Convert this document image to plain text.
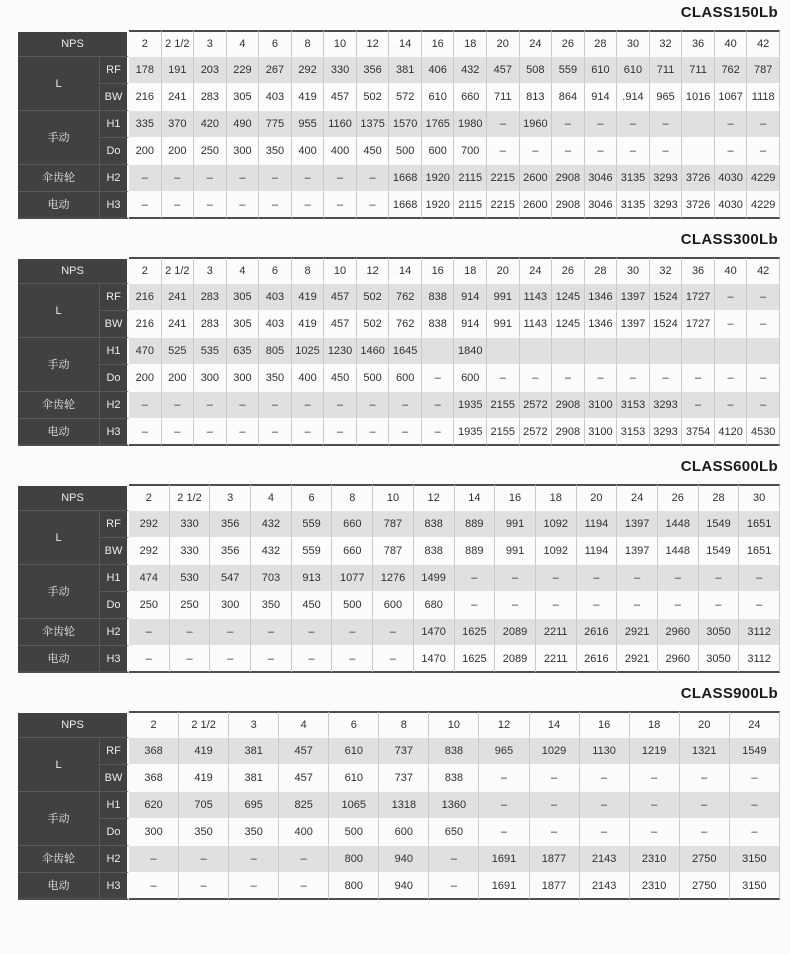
CLASS150Lb
NPS		2	2 1/2	3	4	6	8	10	12	14	16	18	20	24	26	28	30	32	36	40	42
L	RF	178	191	203	229	267	292	330	356	381	406	432	457	508	559	610	610	711	711	762	787
	BW	216	241	283	305	403	419	457	502	572	610	660	711	813	864	914	.914	965	1016	1067	1118
手动	H1	335	370	420	490	775	955	1160	1375	1570	1765	1980	–	1960	–	–	–	–		–	–
	Do	200	200	250	300	350	400	400	450	500	600	700	–	–	–	–	–	–		–	–
伞齿轮	H2	–	–	–	–	–	–	–	–	1668	1920	2115	2215	2600	2908	3046	3135	3293	3726	4030	4229
电动	H3	–	–	–	–	–	–	–	–	1668	1920	2115	2215	2600	2908	3046	3135	3293	3726	4030	4229
CLASS300Lb
NPS		2	2 1/2	3	4	6	8	10	12	14	16	18	20	24	26	28	30	32	36	40	42
L	RF	216	241	283	305	403	419	457	502	762	838	914	991	1143	1245	1346	1397	1524	1727	–	–
	BW	216	241	283	305	403	419	457	502	762	838	914	991	1143	1245	1346	1397	1524	1727	–	–
手动	H1	470	525	535	635	805	1025	1230	1460	1645		1840									
	Do	200	200	300	300	350	400	450	500	600	–	600	–	–	–	–	–	–	–	–	–
伞齿轮	H2	–	–	–	–	–	–	–	–	–	–	1935	2155	2572	2908	3100	3153	3293	–	–	–
电动	H3	–	–	–	–	–	–	–	–	–	–	1935	2155	2572	2908	3100	3153	3293	3754	4120	4530
CLASS600Lb
NPS		2	2 1/2	3	4	6	8	10	12	14	16	18	20	24	26	28	30
L	RF	292	330	356	432	559	660	787	838	889	991	1092	1194	1397	1448	1549	1651
	BW	292	330	356	432	559	660	787	838	889	991	1092	1194	1397	1448	1549	1651
手动	H1	474	530	547	703	913	1077	1276	1499	–	–	–	–	–	–	–	–
	Do	250	250	300	350	450	500	600	680	–	–	–	–	–	–	–	–
伞齿轮	H2	–	–	–	–	–	–	–	1470	1625	2089	2211	2616	2921	2960	3050	3112
电动	H3	–	–	–	–	–	–	–	1470	1625	2089	2211	2616	2921	2960	3050	3112
CLASS900Lb
NPS		2	2 1/2	3	4	6	8	10	12	14	16	18	20	24
L	RF	368	419	381	457	610	737	838	965	1029	1130	1219	1321	1549
	BW	368	419	381	457	610	737	838	–	–	–	–	–	–
手动	H1	620	705	695	825	1065	1318	1360	–	–	–	–	–	–
	Do	300	350	350	400	500	600	650	–	–	–	–	–	–
伞齿轮	H2	–	–	–	–	800	940	–	1691	1877	2143	2310	2750	3150
电动	H3	–	–	–	–	800	940	–	1691	1877	2143	2310	2750	3150
